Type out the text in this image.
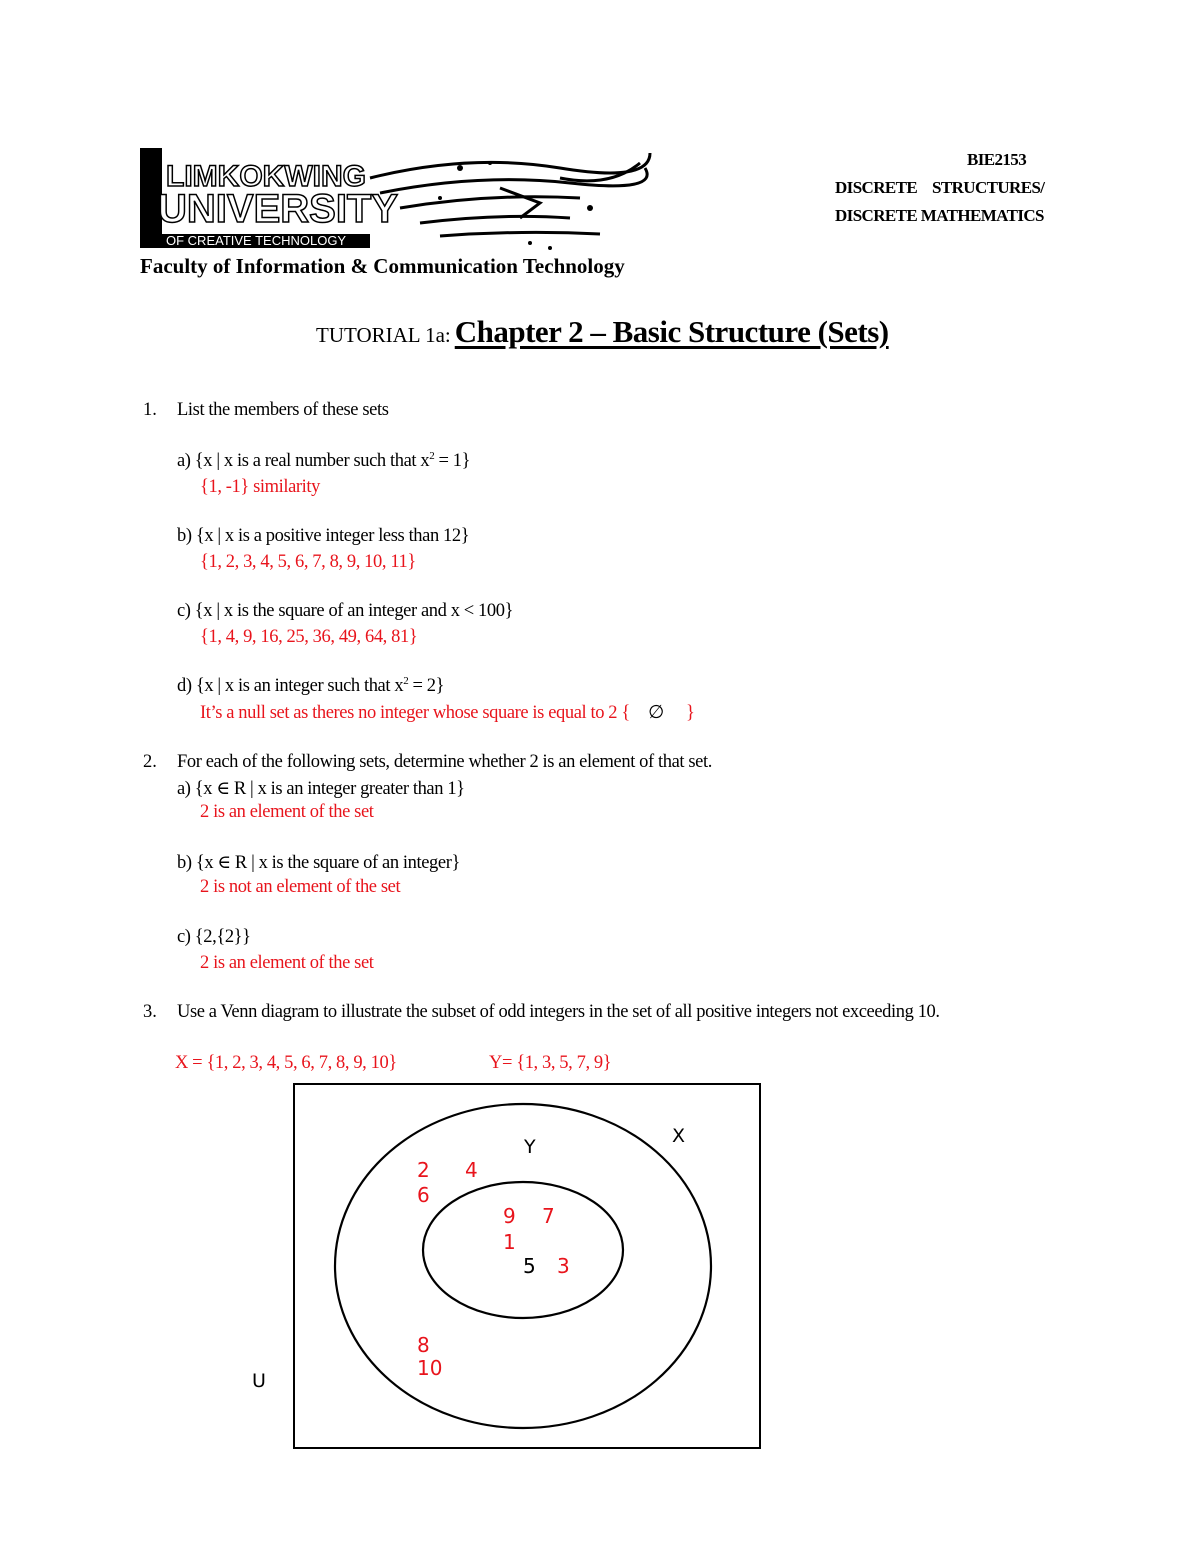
LIMKOKWING
UNIVERSITY
OF CREATIVE TECHNOLOGY
Faculty of Information & Communication Technology
BIE2153
DISCRETE STRUCTURES/
DISCRETE MATHEMATICS
TUTORIAL 1a: Chapter 2 – Basic Structure (Sets)
1. List the members of these sets
a) {x | x is a real number such that $x^2 = 1$}
{1, -1} similarity
b) {x | x is a positive integer less than 12}
{1, 2, 3, 4, 5, 6, 7, 8, 9, 10, 11}
c) {x | x is the square of an integer and x < 100}
{1, 4, 9, 16, 25, 36, 49, 64, 81}
d) {x | x is an integer such that $x^2 = 2$}
It’s a null set as theres no integer whose square is equal to 2 { ∅ }
2. For each of the following sets, determine whether 2 is an element of that set.
a) {x ∈ R | x is an integer greater than 1}
2 is an element of the set
b) {x ∈ R | x is the square of an integer}
2 is not an element of the set
c) {2,{2}}
2 is an element of the set
3. Use a Venn diagram to illustrate the subset of odd integers in the set of all positive integers not exceeding 10.
X = {1, 2, 3, 4, 5, 6, 7, 8, 9, 10}	Y= {1, 3, 5, 7, 9}
X
Y
U
2 4
6
9 7
1
5 3
8
10
